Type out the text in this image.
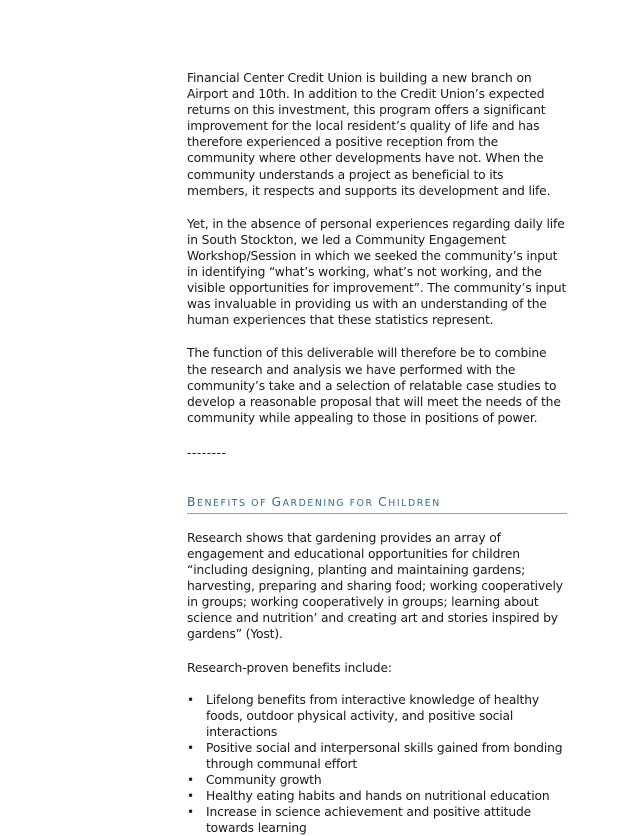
Financial Center Credit Union is building a new branch on Airport and 10th. In addition to the Credit Union’s expected returns on this investment, this program offers a significant improvement for the local resident’s quality of life and has therefore experienced a positive reception from the community where other developments have not. When the community understands a project as beneficial to its members, it respects and supports its development and life.

Yet, in the absence of personal experiences regarding daily life in South Stockton, we led a Community Engagement Workshop/Session in which we seeked the community’s input in identifying “what’s working, what’s not working, and the visible opportunities for improvement”. The community’s input was invaluable in providing us with an understanding of the human experiences that these statistics represent.

The function of this deliverable will therefore be to combine the research and analysis we have performed with the community’s take and a selection of relatable case studies to develop a reasonable proposal that will meet the needs of the community while appealing to those in positions of power.

--------
BENEFITS OF GARDENING FOR CHILDREN

Research shows that gardening provides an array of engagement and educational opportunities for children “including designing, planting and maintaining gardens; harvesting, preparing and sharing food; working cooperatively in groups; working cooperatively in groups; learning about science and nutrition’ and creating art and stories inspired by gardens” (Yost).

Research-proven benefits include:

• Lifelong benefits from interactive knowledge of healthy foods, outdoor physical activity, and positive social interactions
• Positive social and interpersonal skills gained from bonding through communal effort
• Community growth
• Healthy eating habits and hands on nutritional education
• Increase in science achievement and positive attitude towards learning
